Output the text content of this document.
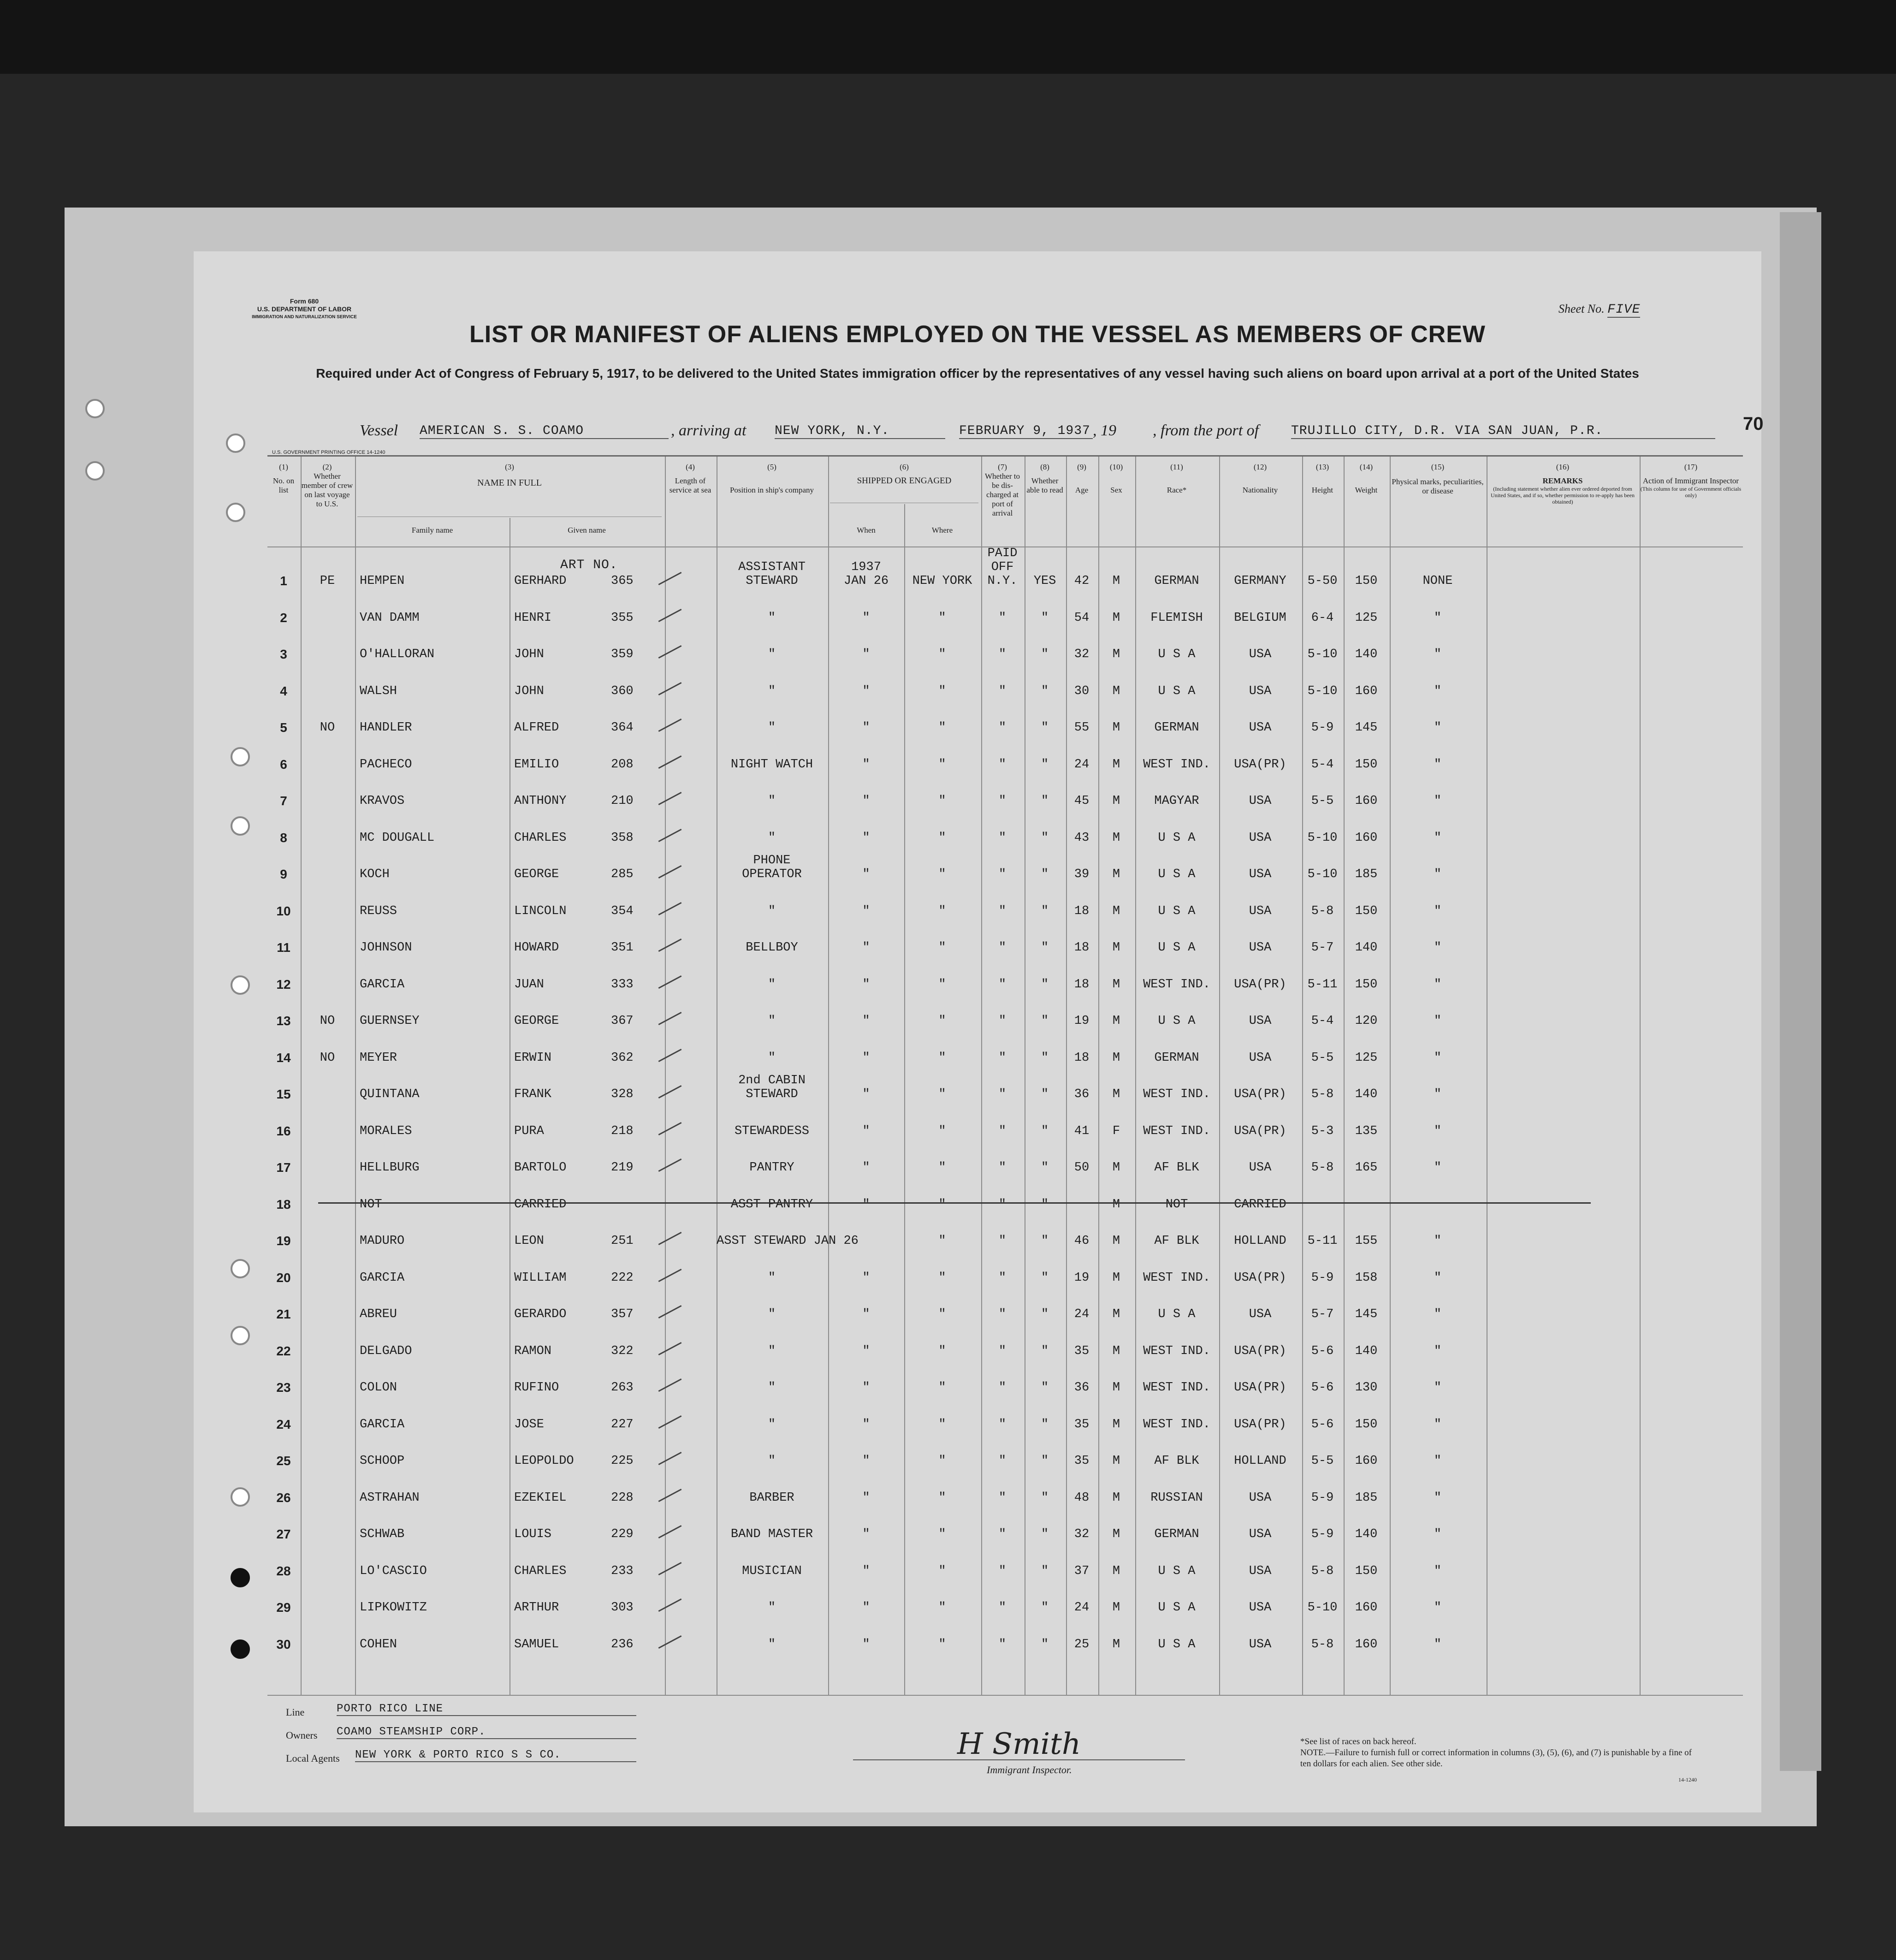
Form 680
U.S. DEPARTMENT OF LABOR
IMMIGRATION AND NATURALIZATION SERVICE
Sheet No. FIVE
LIST OR MANIFEST OF ALIENS EMPLOYED ON THE VESSEL AS MEMBERS OF CREW
Required under Act of Congress of February 5, 1917, to be delivered to the United States immigration officer by the representatives of any vessel having such aliens on board upon arrival at a port of the United States
70
Vessel AMERICAN S. S. COAMO	, arriving at NEW YORK, N.Y.	FEBRUARY 9, 1937 , 19 , from the port of TRUJILLO CITY, D.R. VIA SAN JUAN, P.R.
U.S. GOVERNMENT PRINTING OFFICE 14-1240
(1)
No. on list
(2)
Whether member of crew on last voyage to U.S.
(3)
NAME IN FULL
Family name	Given name
(4)
Length of service at sea
(5)
Position in ship's company
(6)
SHIPPED OR ENGAGED
When	Where
(7)
Whether to be dis-charged at port of arrival
(8)
Whether able to read
(9)
Age
(10)
Sex
(11)
Race*
(12)
Nationality
(13)
Height
(14)
Weight
(15)
Physical marks, peculiarities, or disease
(16)
REMARKS
(Including statement whether alien ever ordered deported from United States, and if so, whether permission to re-apply has been obtained)
(17)
Action of Immigrant Inspector
(This column for use of Government officials only)
ART NO.
1	PE	HEMPEN	GERHARD	365
ASSISTANT
STEWARD
1937
JAN 26	NEW YORK
PAID
OFF
N.Y.	YES	42	M	GERMAN	GERMANY	5-50	150	NONE
2	VAN DAMM	HENRI	355	"	"	"	"	"	54	M	FLEMISH	BELGIUM	6-4	125	"
3	O'HALLORAN	JOHN	359	"	"	"	"	"	32	M	U S A	USA	5-10	140	"
4	WALSH	JOHN	360	"	"	"	"	"	30	M	U S A	USA	5-10	160	"
5	NO	HANDLER	ALFRED	364	"	"	"	"	"	55	M	GERMAN	USA	5-9	145	"
6	PACHECO	EMILIO	208	NIGHT WATCH	"	"	"	"	24	M	WEST IND.	USA(PR)	5-4	150	"
7	KRAVOS	ANTHONY	210	"	"	"	"	"	45	M	MAGYAR	USA	5-5	160	"
8	MC DOUGALL	CHARLES	358	"	"	"	"	"	43	M	U S A	USA	5-10	160	"
9	KOCH	GEORGE	285
PHONE
OPERATOR	"	"	"	"	39	M	U S A	USA	5-10	185	"
10	REUSS	LINCOLN	354	"	"	"	"	"	18	M	U S A	USA	5-8	150	"
11	JOHNSON	HOWARD	351	BELLBOY	"	"	"	"	18	M	U S A	USA	5-7	140	"
12	GARCIA	JUAN	333	"	"	"	"	"	18	M	WEST IND.	USA(PR)	5-11	150	"
13	NO	GUERNSEY	GEORGE	367	"	"	"	"	"	19	M	U S A	USA	5-4	120	"
14	NO	MEYER	ERWIN	362	"	"	"	"	"	18	M	GERMAN	USA	5-5	125	"
15	QUINTANA	FRANK	328
2nd CABIN
STEWARD	"	"	"	"	36	M	WEST IND.	USA(PR)	5-8	140	"
16	MORALES	PURA	218	STEWARDESS	"	"	"	"	41	F	WEST IND.	USA(PR)	5-3	135	"
17	HELLBURG	BARTOLO	219	PANTRY	"	"	"	"	50	M	AF BLK	USA	5-8	165	"
18	NOT	CARRIED	ASST PANTRY	"	"	"	"	M	NOT	CARRIED
19	MADURO	LEON	251	ASST STEWARD JAN 26	"	"	"	46	M	AF BLK	HOLLAND	5-11	155	"
20	GARCIA	WILLIAM	222	"	"	"	"	"	19	M	WEST IND.	USA(PR)	5-9	158	"
21	ABREU	GERARDO	357	"	"	"	"	"	24	M	U S A	USA	5-7	145	"
22	DELGADO	RAMON	322	"	"	"	"	"	35	M	WEST IND.	USA(PR)	5-6	140	"
23	COLON	RUFINO	263	"	"	"	"	"	36	M	WEST IND.	USA(PR)	5-6	130	"
24	GARCIA	JOSE	227	"	"	"	"	"	35	M	WEST IND.	USA(PR)	5-6	150	"
25	SCHOOP	LEOPOLDO	225	"	"	"	"	"	35	M	AF BLK	HOLLAND	5-5	160	"
26	ASTRAHAN	EZEKIEL	228	BARBER	"	"	"	"	48	M	RUSSIAN	USA	5-9	185	"
27	SCHWAB	LOUIS	229	BAND MASTER	"	"	"	"	32	M	GERMAN	USA	5-9	140	"
28	LO'CASCIO	CHARLES	233	MUSICIAN	"	"	"	"	37	M	U S A	USA	5-8	150	"
29	LIPKOWITZ	ARTHUR	303	"	"	"	"	"	24	M	U S A	USA	5-10	160	"
30	COHEN	SAMUEL	236	"	"	"	"	"	25	M	U S A	USA	5-8	160	"
Line	PORTO RICO LINE
Owners COAMO STEAMSHIP CORP.
Local Agents NEW YORK & PORTO RICO S S CO.	H Smith
Immigrant Inspector.
*See list of races on back hereof.
NOTE.—Failure to furnish full or correct information in columns (3), (5), (6), and (7) is punishable by a fine of ten dollars for each alien. See other side.
14-1240
